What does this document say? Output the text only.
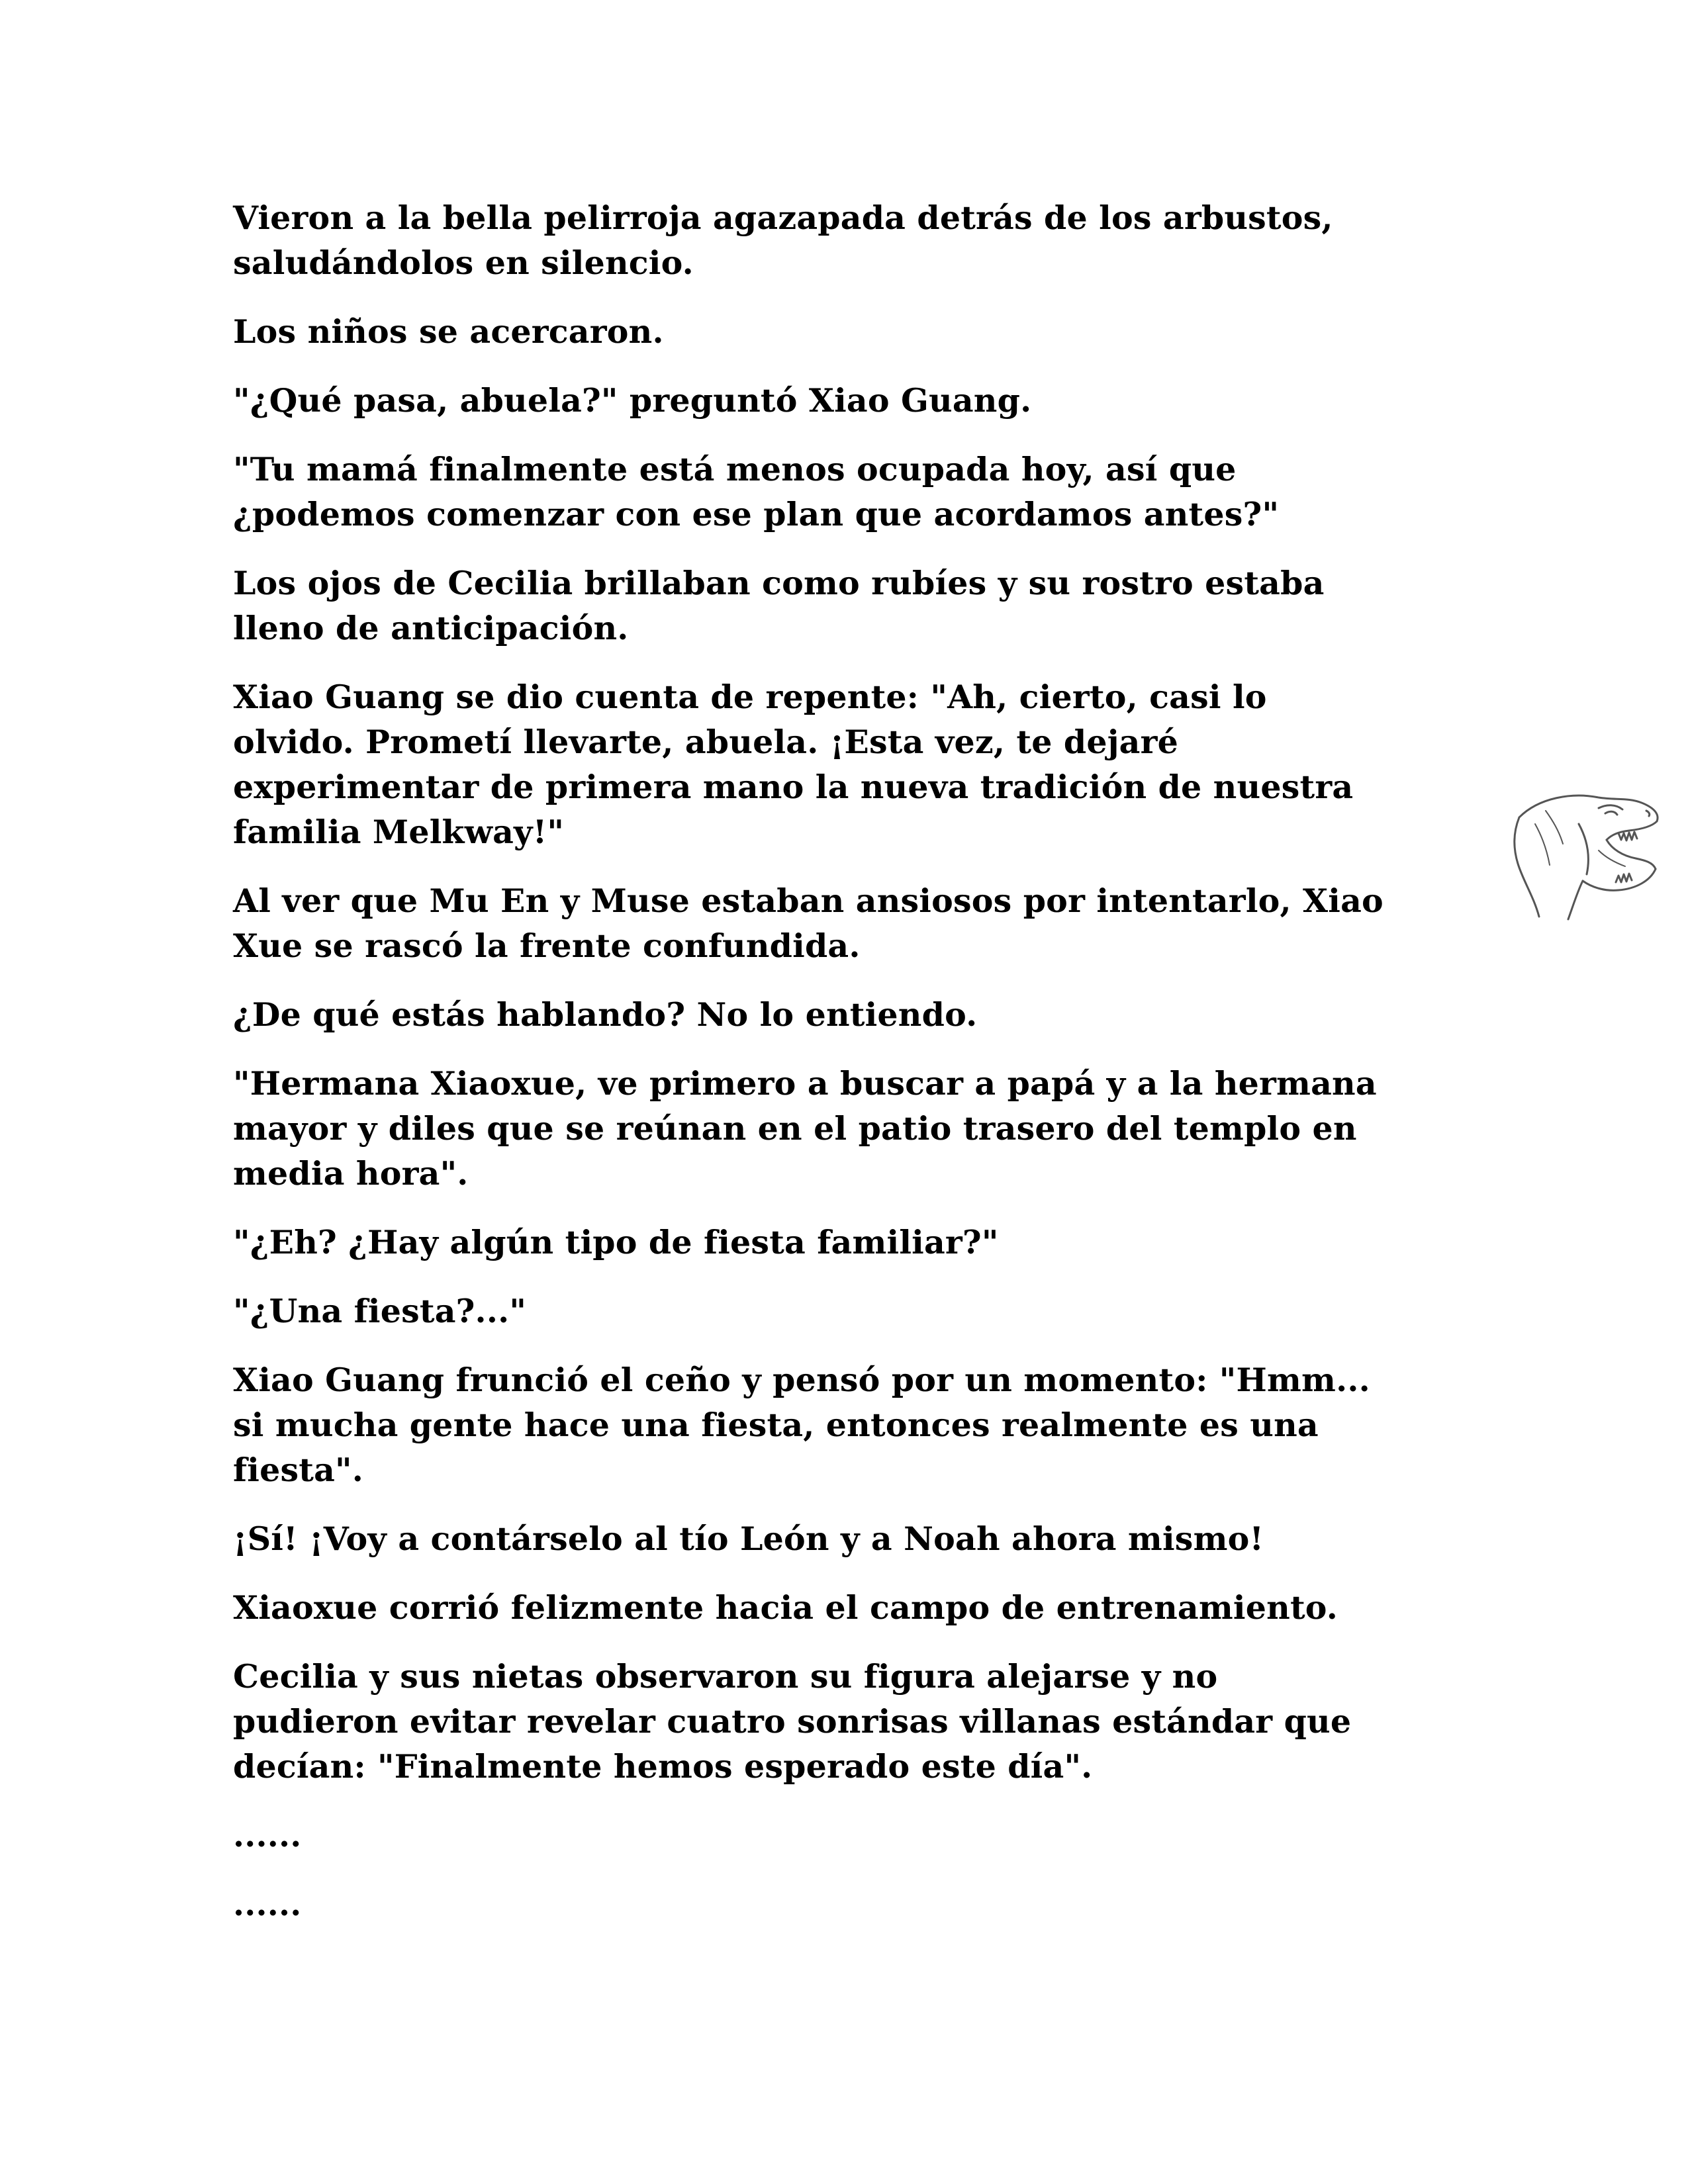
Vieron a la bella pelirroja agazapada detrás de los arbustos,
saludándolos en silencio.

Los niños se acercaron.

"¿Qué pasa, abuela?" preguntó Xiao Guang.

"Tu mamá finalmente está menos ocupada hoy, así que
¿podemos comenzar con ese plan que acordamos antes?"

Los ojos de Cecilia brillaban como rubíes y su rostro estaba
lleno de anticipación.

Xiao Guang se dio cuenta de repente: "Ah, cierto, casi lo
olvido. Prometí llevarte, abuela. ¡Esta vez, te dejaré
experimentar de primera mano la nueva tradición de nuestra
familia Melkway!"

Al ver que Mu En y Muse estaban ansiosos por intentarlo, Xiao
Xue se rascó la frente confundida.

¿De qué estás hablando? No lo entiendo.

"Hermana Xiaoxue, ve primero a buscar a papá y a la hermana
mayor y diles que se reúnan en el patio trasero del templo en
media hora".

"¿Eh? ¿Hay algún tipo de fiesta familiar?"

"¿Una fiesta?..."

Xiao Guang frunció el ceño y pensó por un momento: "Hmm...
si mucha gente hace una fiesta, entonces realmente es una
fiesta".

¡Sí! ¡Voy a contárselo al tío León y a Noah ahora mismo!

Xiaoxue corrió felizmente hacia el campo de entrenamiento.

Cecilia y sus nietas observaron su figura alejarse y no
pudieron evitar revelar cuatro sonrisas villanas estándar que
decían: "Finalmente hemos esperado este día".

......

......
